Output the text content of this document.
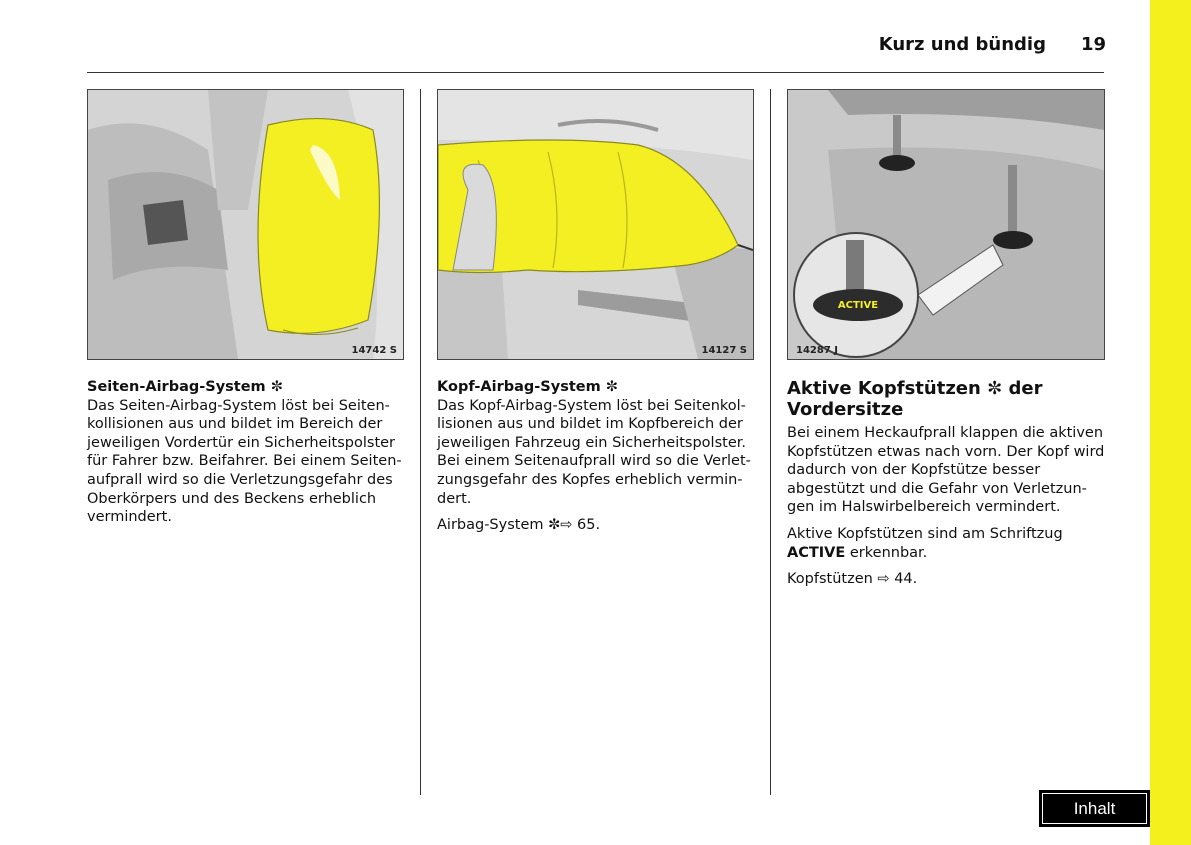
Kurz und bündig	19
14742 S	14127 S
ACTIVE
14287 J
Seiten-Airbag-System ✼

Das Seiten-Airbag-System löst bei Seitenkollisionen aus und bildet im Bereich der jeweiligen Vordertür ein Sicherheitspolster für Fahrer bzw. Beifahrer. Bei einem Seitenaufprall wird so die Verletzungsgefahr des Oberkörpers und des Beckens erheblich vermindert.

Kopf-Airbag-System ✼

Das Kopf-Airbag-System löst bei Seitenkollisionen aus und bildet im Kopfbereich der jeweiligen Fahrzeug ein Sicherheitspolster. Bei einem Seitenaufprall wird so die Verletzungsgefahr des Kopfes erheblich vermindert.

Airbag-System ✼⇨ 65.

Aktive Kopfstützen ✼ der Vordersitze

Bei einem Heckaufprall klappen die aktiven Kopfstützen etwas nach vorn. Der Kopf wird dadurch von der Kopfstütze besser abgestützt und die Gefahr von Verletzungen im Halswirbelbereich vermindert.

Aktive Kopfstützen sind am Schriftzug ACTIVE erkennbar.

Kopfstützen ⇨ 44.

Inhalt
